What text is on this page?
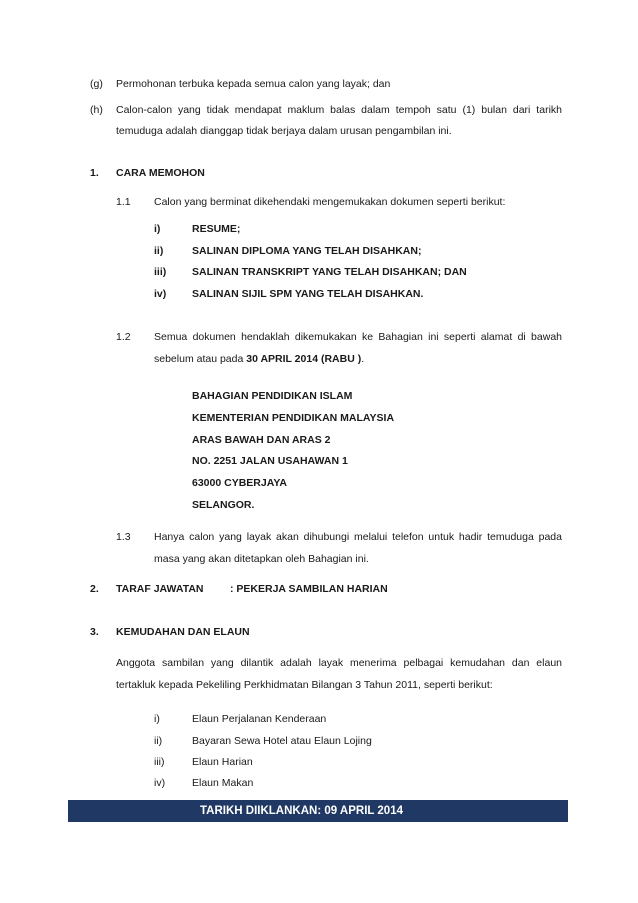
(g) Permohonan terbuka kepada semua calon yang layak; dan
(h) Calon-calon yang tidak mendapat maklum balas dalam tempoh satu (1) bulan dari tarikh
temuduga adalah dianggap tidak berjaya dalam urusan pengambilan ini.
1. CARA MEMOHON
1.1 Calon yang berminat dikehendaki mengemukakan dokumen seperti berikut:
i)	RESUME;
ii)	SALINAN DIPLOMA YANG TELAH DISAHKAN;
iii) SALINAN TRANSKRIPT YANG TELAH DISAHKAN; DAN
iv) SALINAN SIJIL SPM YANG TELAH DISAHKAN.
1.2 Semua dokumen hendaklah dikemukakan ke Bahagian ini seperti alamat di bawah
sebelum atau pada 30 APRIL 2014 (RABU ).
BAHAGIAN PENDIDIKAN ISLAM
KEMENTERIAN PENDIDIKAN MALAYSIA
ARAS BAWAH DAN ARAS 2
NO. 2251 JALAN USAHAWAN 1
63000 CYBERJAYA
SELANGOR.
1.3 Hanya calon yang layak akan dihubungi melalui telefon untuk hadir temuduga pada
masa yang akan ditetapkan oleh Bahagian ini.
2. TARAF JAWATAN	: PEKERJA SAMBILAN HARIAN
3. KEMUDAHAN DAN ELAUN
Anggota sambilan yang dilantik adalah layak menerima pelbagai kemudahan dan elaun
tertakluk kepada Pekeliling Perkhidmatan Bilangan 3 Tahun 2011, seperti berikut:
i)	Elaun Perjalanan Kenderaan
ii)	Bayaran Sewa Hotel atau Elaun Lojing
iii)	Elaun Harian
iv)	Elaun Makan
TARIKH DIIKLANKAN: 09 APRIL 2014
